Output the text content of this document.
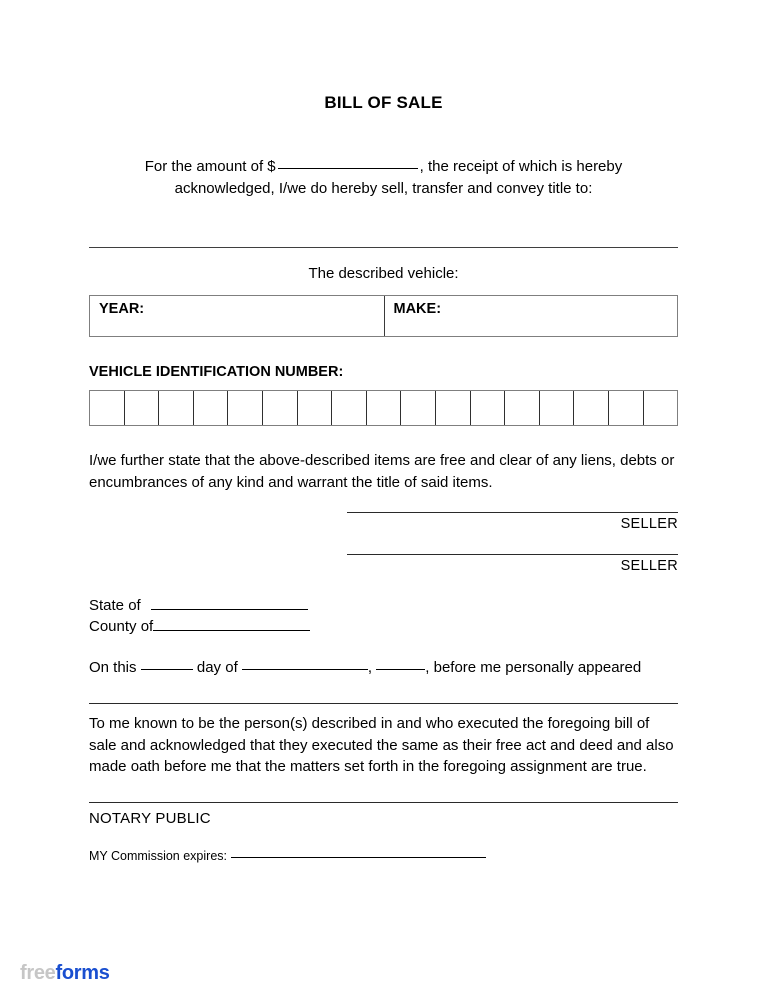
BILL OF SALE
For the amount of $	, the receipt of which is hereby
acknowledged, I/we do hereby sell, transfer and convey title to:
The described vehicle:
YEAR:	MAKE:
VEHICLE IDENTIFICATION NUMBER:
I/we further state that the above-described items are free and clear of any liens, debts or encumbrances of any kind and warrant the title of said items.
SELLER
SELLER
State of
County of
On this	day of	,	, before me personally appeared
To me known to be the person(s) described in and who executed the foregoing bill of sale and acknowledged that they executed the same as their free act and deed and also made oath before me that the matters set forth in the foregoing assignment are true.
NOTARY PUBLIC
MY Commission expires:
freeforms
